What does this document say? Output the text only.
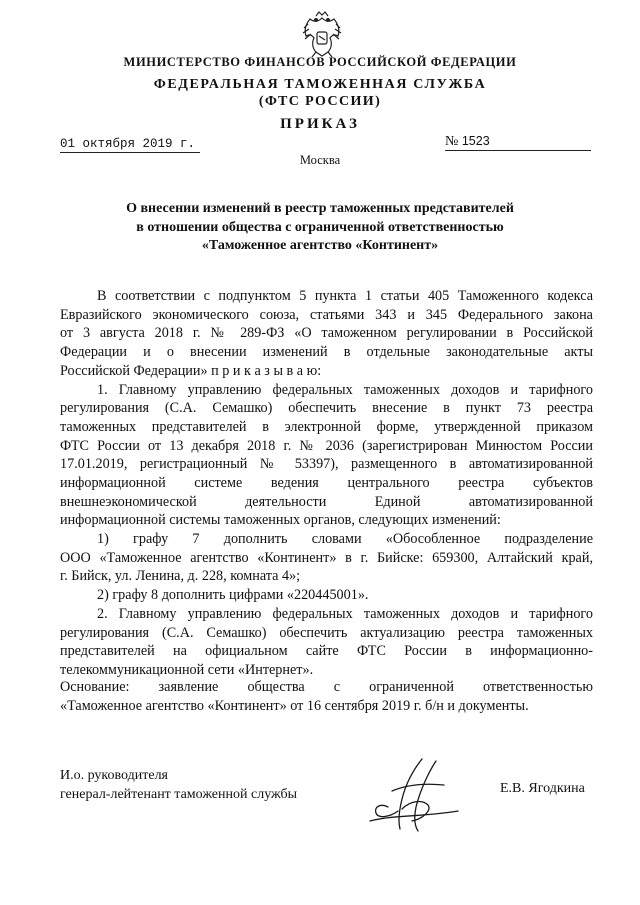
МИНИСТЕРСТВО ФИНАНСОВ РОССИЙСКОЙ ФЕДЕРАЦИИ
ФЕДЕРАЛЬНАЯ ТАМОЖЕННАЯ СЛУЖБА
(ФТС РОССИИ)
ПРИКАЗ
01 октября 2019 г.	№ 1523
Москва
О внесении изменений в реестр таможенных представителей
в отношении общества с ограниченной ответственностью
«Таможенное агентство «Континент»
В соответствии с подпунктом 5 пункта 1 статьи 405 Таможенного кодекса
Евразийского экономического союза, статьями 343 и 345 Федерального закона
от 3 августа 2018 г. № 289-ФЗ «О таможенном регулировании в Российской
Федерации и о внесении изменений в отдельные законодательные акты
Российской Федерации» п р и к а з ы в а ю:
1. Главному управлению федеральных таможенных доходов и тарифного
регулирования (С.А. Семашко) обеспечить внесение в пункт 73 реестра
таможенных представителей в электронной форме, утвержденной приказом
ФТС России от 13 декабря 2018 г. № 2036 (зарегистрирован Минюстом России
17.01.2019, регистрационный № 53397), размещенного в автоматизированной
информационной системе ведения центрального реестра субъектов
внешнеэкономической деятельности Единой автоматизированной
информационной системы таможенных органов, следующих изменений:
1) графу 7 дополнить словами «Обособленное подразделение
ООО «Таможенное агентство «Континент» в г. Бийске: 659300, Алтайский край,
г. Бийск, ул. Ленина, д. 228, комната 4»;
2) графу 8 дополнить цифрами «220445001».
2. Главному управлению федеральных таможенных доходов и тарифного
регулирования (С.А. Семашко) обеспечить актуализацию реестра таможенных
представителей на официальном сайте ФТС России в информационно-
телекоммуникационной сети «Интернет».
Основание: заявление общества с ограниченной ответственностью
«Таможенное агентство «Континент» от 16 сентября 2019 г. б/н и документы.
И.о. руководителя
генерал-лейтенант таможенной службы	Е.В. Ягодкина
